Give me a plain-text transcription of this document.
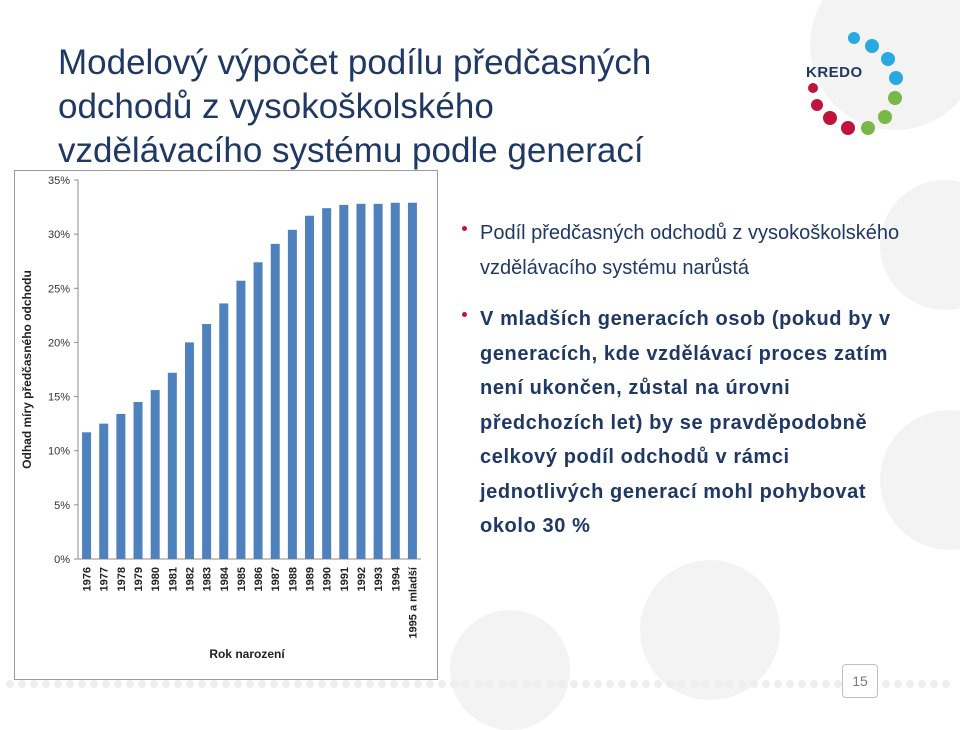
Modelový výpočet podílu předčasných
odchodů z vysokoškolského
vzdělávacího systému podle generací
KREDO
0%
5%
10%
15%
20%
25%
30%
35%
1976 1977 1978 1979 1980 1981 1982 1983 1984 1985 1986 1987 1988 1989 1990 1991 1992 1993 1994 1995 a mladší
Rok narození
Odhad míry předčasného odchodu
Podíl předčasných odchodů z vysokoškolského vzdělávacího systému narůstá
V mladších generacích osob (pokud by v generacích, kde vzdělávací proces zatím není ukončen, zůstal na úrovni předchozích let) by se pravděpodobně celkový podíl odchodů v rámci jednotlivých generací mohl pohybovat okolo 30 %
15
